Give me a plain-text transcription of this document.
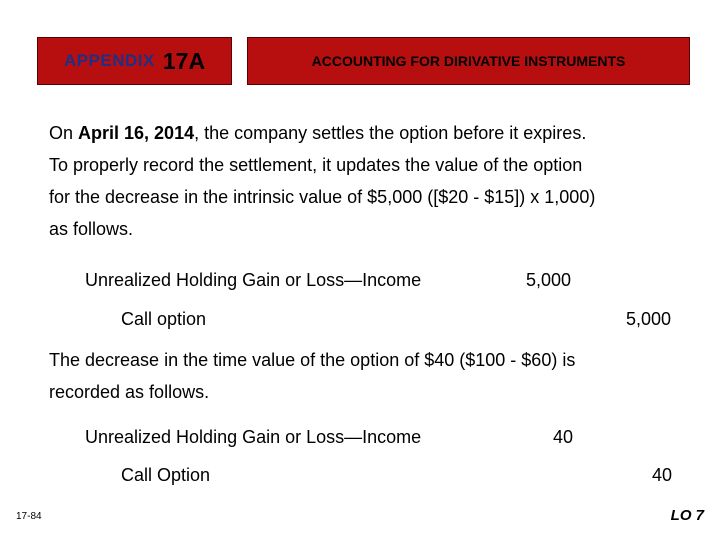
APPENDIX 17A	ACCOUNTING FOR DIRIVATIVE INSTRUMENTS
On April 16, 2014, the company settles the option before it expires.
To properly record the settlement, it updates the value of the option
for the decrease in the intrinsic value of $5,000 ([$20 - $15]) x 1,000)
as follows.
Unrealized Holding Gain or Loss—Income	5,000
Call option	5,000
The decrease in the time value of the option of $40 ($100 - $60) is
recorded as follows.
Unrealized Holding Gain or Loss—Income	40
Call Option	40
17-84	LO 7
